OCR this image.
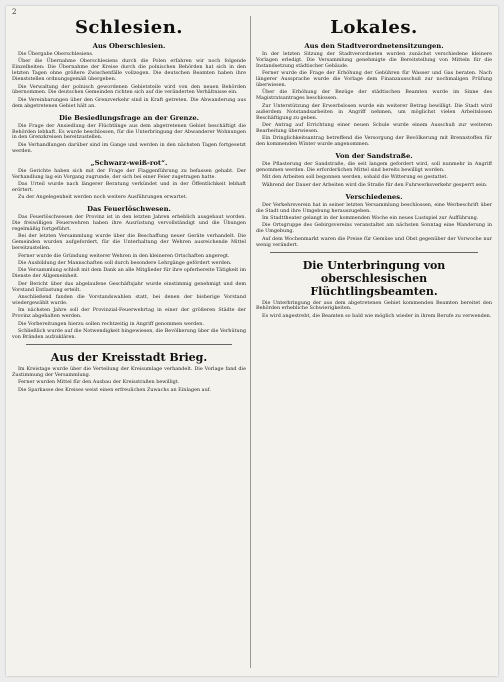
2
Schlesien.
Aus Oberschlesien.
Die Übergabe Oberschlesiens.
Über die Übernahme Oberschlesiens durch die Polen erfahren wir noch folgende Einzelheiten: Die Übernahme der Kreise durch die polnischen Behörden hat sich in den letzten Tagen ohne größere Zwischenfälle vollzogen. Die deutschen Beamten haben ihre Dienststellen ordnungsgemäß übergeben.
Die Verwaltung der polnisch gewordenen Gebietsteile wird von den neuen Behörden übernommen. Die deutschen Gemeinden richten sich auf die veränderten Verhältnisse ein.
Die Vereinbarungen über den Grenzverkehr sind in Kraft getreten. Die Abwanderung aus dem abgetretenen Gebiet hält an.
Die Besiedlungsfrage an der Grenze.
Die Frage der Ansiedlung der Flüchtlinge aus dem abgetretenen Gebiet beschäftigt die Behörden lebhaft. Es wurde beschlossen, für die Unterbringung der Abwanderer Wohnungen in den Grenzkreisen bereitzustellen.
Die Verhandlungen darüber sind im Gange und werden in den nächsten Tagen fortgesetzt werden.
„Schwarz-weiß-rot“.
Die Gerichte haben sich mit der Frage der Flaggenführung zu befassen gehabt. Der Verhandlung lag ein Vorgang zugrunde, der sich bei einer Feier zugetragen hatte.
Das Urteil wurde nach längerer Beratung verkündet und in der Öffentlichkeit lebhaft erörtert.
Zu der Angelegenheit werden noch weitere Ausführungen erwartet.
Das Feuerlöschwesen.
Das Feuerlöschwesen der Provinz ist in den letzten Jahren erheblich ausgebaut worden. Die freiwilligen Feuerwehren haben ihre Ausrüstung vervollständigt und die Übungen regelmäßig fortgeführt.
Bei der letzten Versammlung wurde über die Beschaffung neuer Geräte verhandelt. Die Gemeinden wurden aufgefordert, für die Unterhaltung der Wehren ausreichende Mittel bereitzustellen.
Ferner wurde die Gründung weiterer Wehren in den kleineren Ortschaften angeregt.
Die Ausbildung der Mannschaften soll durch besondere Lehrgänge gefördert werden.
Die Versammlung schloß mit dem Dank an alle Mitglieder für ihre opferbereite Tätigkeit im Dienste der Allgemeinheit.
Der Bericht über das abgelaufene Geschäftsjahr wurde einstimmig genehmigt und dem Vorstand Entlastung erteilt.
Anschließend fanden die Vorstandswahlen statt, bei denen der bisherige Vorstand wiedergewählt wurde.
Im nächsten Jahre soll der Provinzial-Feuerwehrtag in einer der größeren Städte der Provinz abgehalten werden.
Die Vorbereitungen hierzu sollen rechtzeitig in Angriff genommen werden.
Schließlich wurde auf die Notwendigkeit hingewiesen, die Bevölkerung über die Verhütung von Bränden aufzuklären.
Aus der Kreisstadt Brieg.
Im Kreistage wurde über die Verteilung der Kreisumlage verhandelt. Die Vorlage fand die Zustimmung der Versammlung.
Ferner wurden Mittel für den Ausbau der Kreisstraßen bewilligt.
Die Sparkasse des Kreises weist einen erfreulichen Zuwachs an Einlagen auf.
Lokales.
Aus den Stadtverordnetensitzungen.
In der letzten Sitzung der Stadtverordneten wurden zunächst verschiedene kleinere Vorlagen erledigt. Die Versammlung genehmigte die Bereitstellung von Mitteln für die Instandsetzung städtischer Gebäude.
Ferner wurde die Frage der Erhöhung der Gebühren für Wasser und Gas beraten. Nach längerer Aussprache wurde die Vorlage dem Finanzausschuß zur nochmaligen Prüfung überwiesen.
Über die Erhöhung der Bezüge der städtischen Beamten wurde im Sinne des Magistratsantrages beschlossen.
Zur Unterstützung der Erwerbslosen wurde ein weiterer Betrag bewilligt. Die Stadt wird außerdem Notstandsarbeiten in Angriff nehmen, um möglichst vielen Arbeitslosen Beschäftigung zu geben.
Der Antrag auf Errichtung einer neuen Schule wurde einem Ausschuß zur weiteren Bearbeitung überwiesen.
Ein Dringlichkeitsantrag betreffend die Versorgung der Bevölkerung mit Brennstoffen für den kommenden Winter wurde angenommen.
Von der Sandstraße.
Die Pflasterung der Sandstraße, die seit langem gefordert wird, soll nunmehr in Angriff genommen werden. Die erforderlichen Mittel sind bereits bewilligt worden.
Mit den Arbeiten soll begonnen werden, sobald die Witterung es gestattet.
Während der Dauer der Arbeiten wird die Straße für den Fuhrwerksverkehr gesperrt sein.
Verschiedenes.
Der Verkehrsverein hat in seiner letzten Versammlung beschlossen, eine Werbeschrift über die Stadt und ihre Umgebung herauszugeben.
Im Stadttheater gelangt in der kommenden Woche ein neues Lustspiel zur Aufführung.
Die Ortsgruppe des Gebirgsvereins veranstaltet am nächsten Sonntag eine Wanderung in die Umgebung.
Auf dem Wochenmarkt waren die Preise für Gemüse und Obst gegenüber der Vorwoche nur wenig verändert.
Die Unterbringung von oberschlesischen Flüchtlingsbeamten.
Die Unterbringung der aus dem abgetretenen Gebiet kommenden Beamten bereitet den Behörden erhebliche Schwierigkeiten.
Es wird angestrebt, die Beamten so bald wie möglich wieder in ihrem Berufe zu verwenden.
